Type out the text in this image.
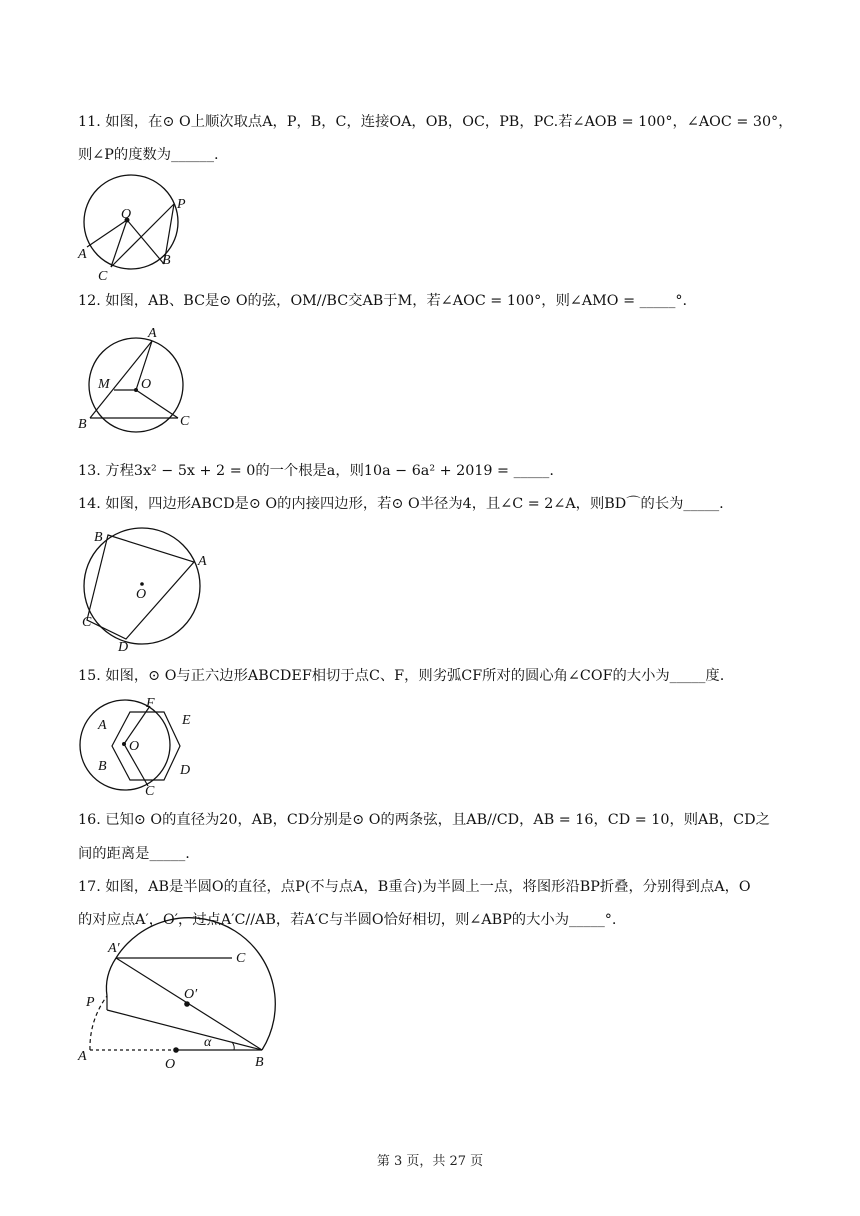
11. 如图，在⊙ O上顺次取点A，P，B，C，连接OA，OB，OC，PB，PC.若∠AOB = 100°，∠AOC = 30°，
则∠P的度数为______.
O
P
A
C
B
12. 如图，AB、BC是⊙ O的弦，OM//BC交AB于M，若∠AOC = 100°，则∠AMO = _____°.
A
M O
B	C
13. 方程3x² − 5x + 2 = 0的一个根是a，则10a − 6a² + 2019 = _____.
14. 如图，四边形ABCD是⊙ O的内接四边形，若⊙ O半径为4，且∠C = 2∠A，则BD⌒的长为_____.
B
A
O
C
D
15. 如图，⊙ O与正六边形ABCDEF相切于点C、F，则劣弧CF所对的圆心角∠COF的大小为_____度.
F
E
A
O
B	D
C
16. 已知⊙ O的直径为20，AB，CD分别是⊙ O的两条弦，且AB//CD，AB = 16，CD = 10，则AB，CD之
间的距离是_____.
17. 如图，AB是半圆O的直径，点P(不与点A，B重合)为半圆上一点，将图形沿BP折叠，分别得到点A，O
的对应点A′，O′，过点A′C//AB，若A′C与半圆O恰好相切，则∠ABP的大小为_____°.
A′
C
P
O′
α
A
O	B
第 3 页，共 27 页
